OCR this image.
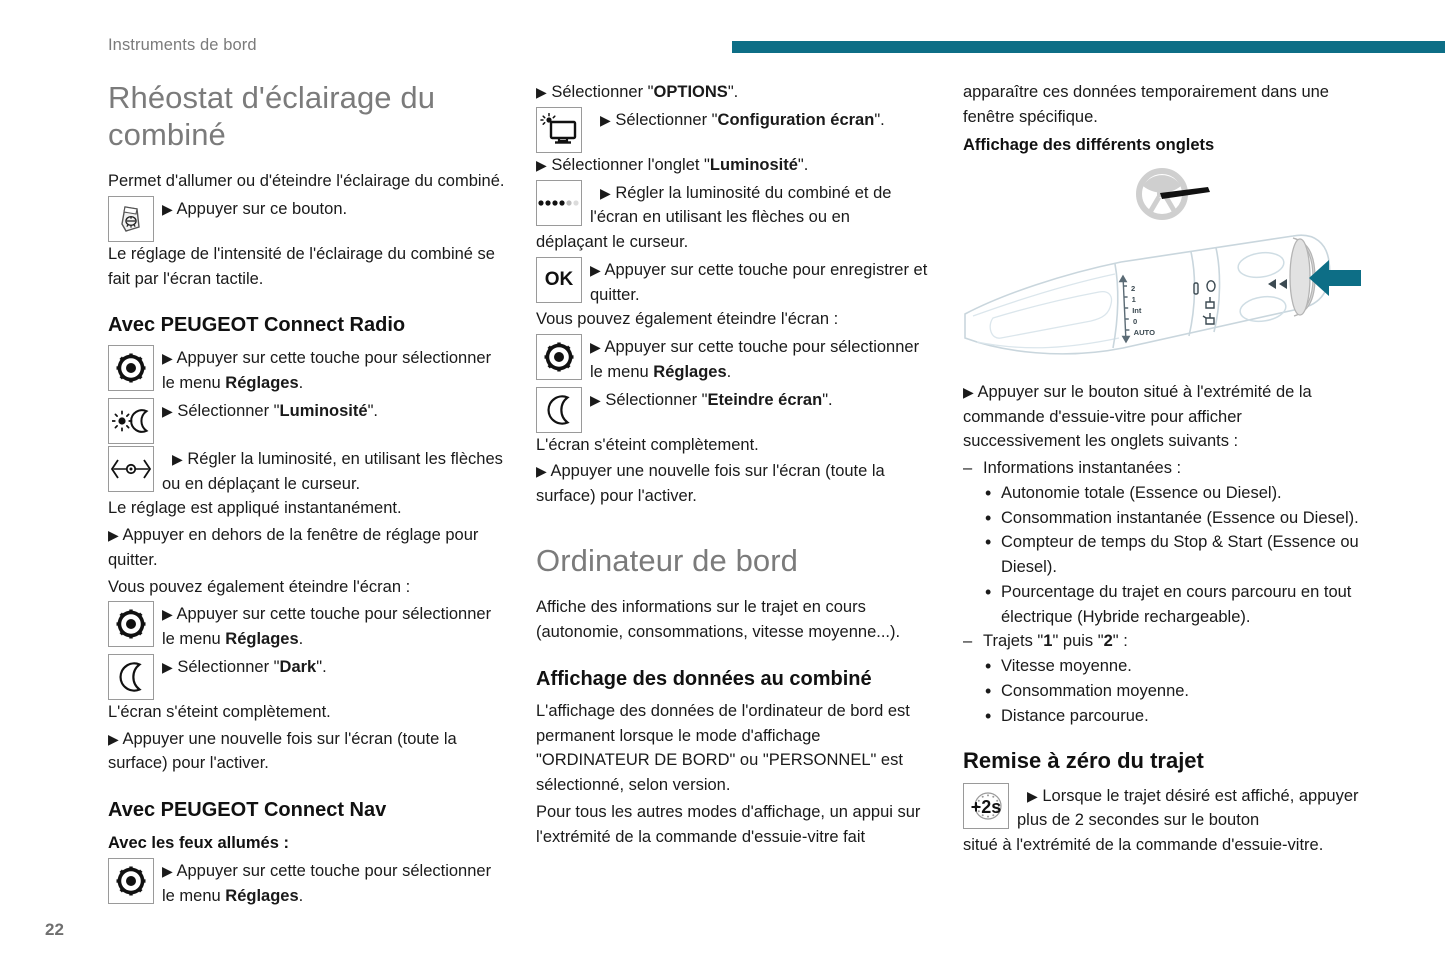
Instruments de bord
Rhéostat d'éclairage du combiné

Permet d'allumer ou d'éteindre l'éclairage du combiné.

▶ Appuyer sur ce bouton.

Le réglage de l'intensité de l'éclairage du combiné se fait par l'écran tactile.

Avec PEUGEOT Connect Radio
▶ Appuyer sur cette touche pour sélectionner le menu Réglages.
▶ Sélectionner "Luminosité".
▶ Régler la luminosité, en utilisant les flèches ou en déplaçant le curseur.

Le réglage est appliqué instantanément.

▶ Appuyer en dehors de la fenêtre de réglage pour quitter.

Vous pouvez également éteindre l'écran :

▶ Appuyer sur cette touche pour sélectionner le menu Réglages.
▶ Sélectionner "Dark".

L'écran s'éteint complètement.

▶ Appuyer une nouvelle fois sur l'écran (toute la surface) pour l'activer.

Avec PEUGEOT Connect Nav
Avec les feux allumés :
▶ Appuyer sur cette touche pour sélectionner le menu Réglages.

▶ Sélectionner "OPTIONS".

▶ Sélectionner "Configuration écran".

▶ Sélectionner l'onglet "Luminosité".

▶ Régler la luminosité du combiné et de l'écran en utilisant les flèches ou en

déplaçant le curseur.

OK ▶	Appuyer sur cette touche pour enregistrer et quitter.

Vous pouvez également éteindre l'écran :

▶ Appuyer sur cette touche pour sélectionner le menu Réglages.
▶ Sélectionner "Eteindre écran".

L'écran s'éteint complètement.

▶ Appuyer une nouvelle fois sur l'écran (toute la surface) pour l'activer.

Ordinateur de bord

Affiche des informations sur le trajet en cours (autonomie, consommations, vitesse moyenne...).

Affichage des données au combiné

L'affichage des données de l'ordinateur de bord est permanent lorsque le mode d'affichage "ORDINATEUR DE BORD" ou "PERSONNEL" est sélectionné, selon version.

Pour tous les autres modes d'affichage, un appui sur l'extrémité de la commande d'essuie-vitre fait

apparaître ces données temporairement dans une fenêtre spécifique.

Affichage des différents onglets
2
1
Int
0
AUTO

▶ Appuyer sur le bouton situé à l'extrémité de la commande d'essuie-vitre pour afficher successivement les onglets suivants :

– Informations instantanées :
• Autonomie totale (Essence ou Diesel).
• Consommation instantanée (Essence ou Diesel).
• Compteur de temps du Stop & Start (Essence ou Diesel).
• Pourcentage du trajet en cours parcouru en tout électrique (Hybride rechargeable).
– Trajets "1" puis "2" :
• Vitesse moyenne.
• Consommation moyenne.
• Distance parcourue.
Remise à zéro du trajet
+2s
▶ Lorsque le trajet désiré est affiché, appuyer plus de 2 secondes sur le bouton

situé à l'extrémité de la commande d'essuie-vitre.

22
